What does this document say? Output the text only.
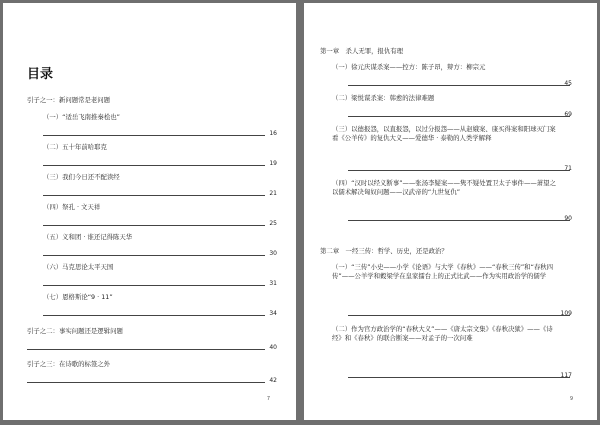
目录
引子之一：新问题常是老问题
（一）“适岳飞南推秦桧也”
16
（二）五十年前哈耶克
19
（三）我们今日还不配读经
21
（四）祭孔 · 文天祥
25
（五）义和团 · 谁还记得陈天华
30
（六）马克思论太平天国
31
（七）恩格斯论“9 · 11”
34
引子之二：事实问题还是逻辑问题
40
引子之三：在诗歌的标签之外
42
7
第一章　杀人无罪，报仇有理
（一）徐元庆谋杀案——控方：陈子昂，辩方：柳宗元
45
（二）梁悦谋杀案：韩愈的法律难题
69
（三）以德报怨，以直报怨，以过分报怨——从赵娥案、康买得案和阳球灭门案看《公羊传》的复仇大义——爱德华 · 泰勒的人类学解释
71
（四）“汉时以经义断事”——张汤李疑案——隽不疑处置卫太子事件——萧望之以儒术解决匈奴问题——汉武帝的“九世复仇”
90
第二章　一经三传：哲学、历史，还是政治？
（一）“三传”小史——小学《论语》与大学《春秋》——“春秋三传”和“春秋四传”——公羊学和穀梁学在皇家擂台上的正式比武——作为实用政治学的儒学
109
（二）作为官方政治学的“春秋大义”——《唐太宗文集》《春秋决狱》——《诗经》和《春秋》的联合断案——对孟子的一次问难
117
9
